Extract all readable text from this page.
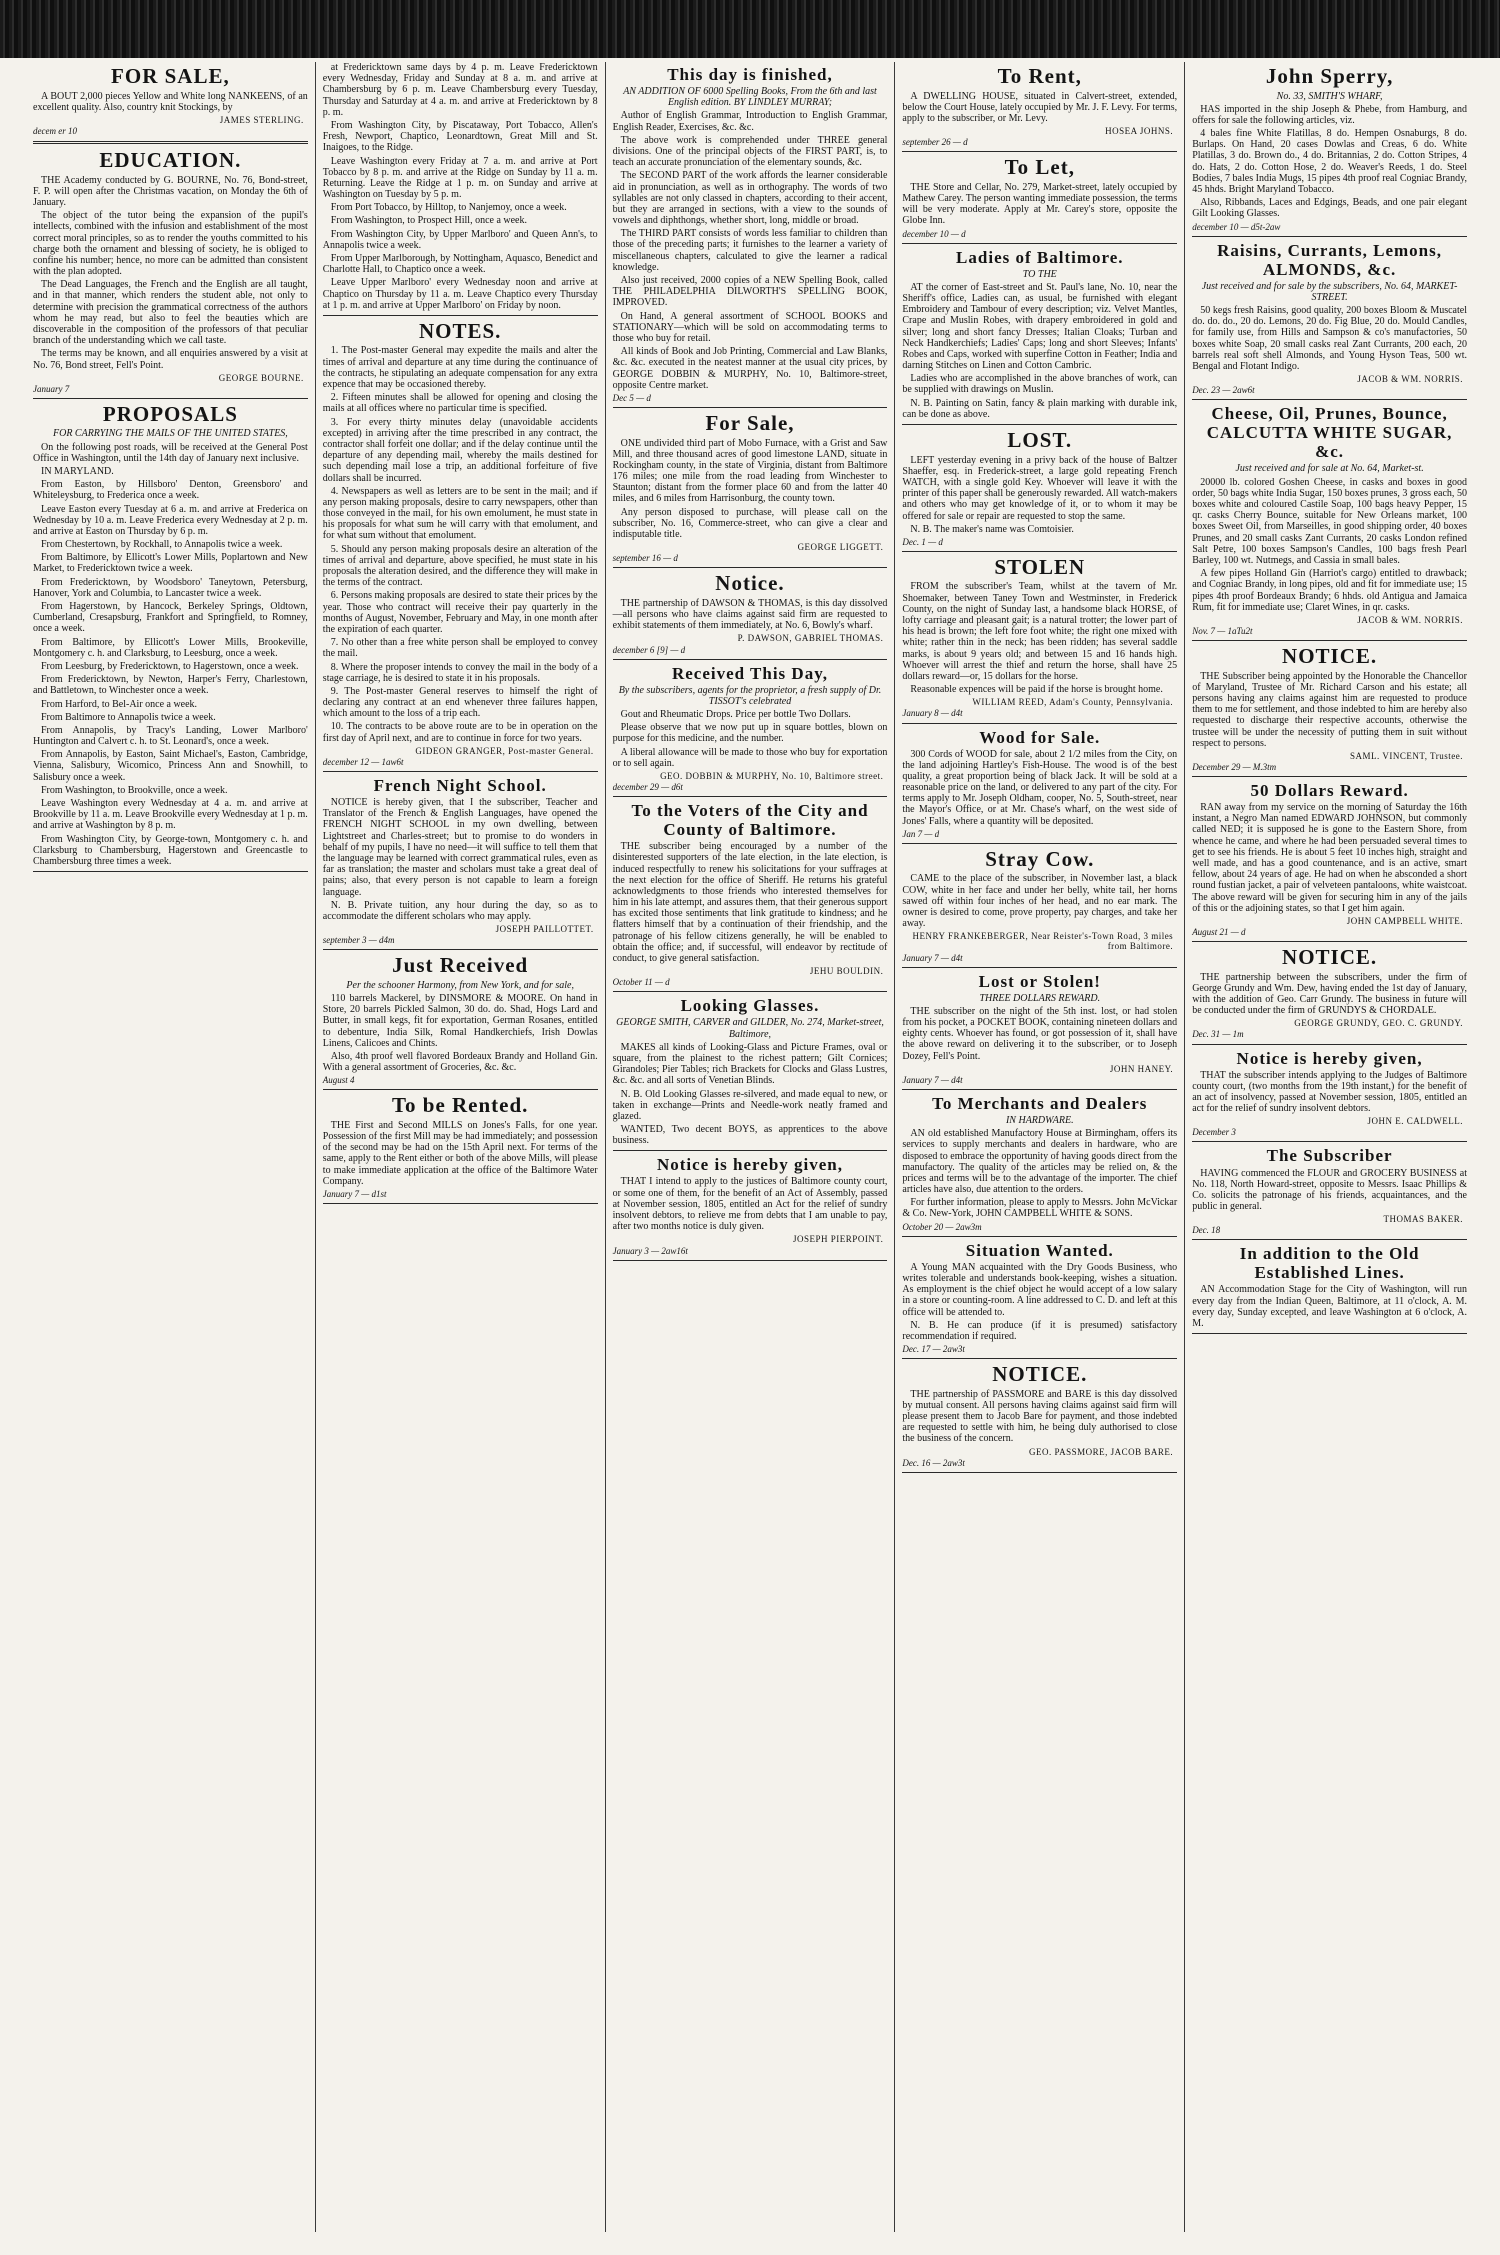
FOR SALE,

A BOUT 2,000 pieces Yellow and White long NANKEENS, of an excellent quality. Also, country knit Stockings, by

JAMES STERLING.
decem er 10
EDUCATION.

THE Academy conducted by G. BOURNE, No. 76, Bond-street, F. P. will open after the Christmas vacation, on Monday the 6th of January.

The object of the tutor being the expansion of the pupil's intellects, combined with the infusion and establishment of the most correct moral principles, so as to render the youths committed to his charge both the ornament and blessing of society, he is obliged to confine his number; hence, no more can be admitted than consistent with the plan adopted.

The Dead Languages, the French and the English are all taught, and in that manner, which renders the student able, not only to determine with precision the grammatical correctness of the authors whom he may read, but also to feel the beauties which are discoverable in the composition of the professors of that peculiar branch of the understanding which we call taste.

The terms may be known, and all enquiries answered by a visit at No. 76, Bond street, Fell's Point.

GEORGE BOURNE.
January 7
PROPOSALS
FOR CARRYING THE MAILS OF THE UNITED STATES,

On the following post roads, will be received at the General Post Office in Washington, until the 14th day of January next inclusive.

IN MARYLAND.

From Easton, by Hillsboro' Denton, Greensboro' and Whiteleysburg, to Frederica once a week.

Leave Easton every Tuesday at 6 a. m. and arrive at Frederica on Wednesday by 10 a. m. Leave Frederica every Wednesday at 2 p. m. and arrive at Easton on Thursday by 6 p. m.

From Chestertown, by Rockhall, to Annapolis twice a week.

From Baltimore, by Ellicott's Lower Mills, Poplartown and New Market, to Fredericktown twice a week.

From Fredericktown, by Woodsboro' Taneytown, Petersburg, Hanover, York and Columbia, to Lancaster twice a week.

From Hagerstown, by Hancock, Berkeley Springs, Oldtown, Cumberland, Cresapsburg, Frankfort and Springfield, to Romney, once a week.

From Baltimore, by Ellicott's Lower Mills, Brookeville, Montgomery c. h. and Clarksburg, to Leesburg, once a week.

From Leesburg, by Fredericktown, to Hagerstown, once a week.

From Fredericktown, by Newton, Harper's Ferry, Charlestown, and Battletown, to Winchester once a week.

From Harford, to Bel-Air once a week.

From Baltimore to Annapolis twice a week.

From Annapolis, by Tracy's Landing, Lower Marlboro' Huntington and Calvert c. h. to St. Leonard's, once a week.

From Annapolis, by Easton, Saint Michael's, Easton, Cambridge, Vienna, Salisbury, Wicomico, Princess Ann and Snowhill, to Salisbury once a week.

From Washington, to Brookville, once a week.

Leave Washington every Wednesday at 4 a. m. and arrive at Brookville by 11 a. m. Leave Brookville every Wednesday at 1 p. m. and arrive at Washington by 8 p. m.

From Washington City, by George-town, Montgomery c. h. and Clarksburg to Chambersburg, Hagerstown and Greencastle to Chambersburg three times a week.

at Fredericktown same days by 4 p. m. Leave Fredericktown every Wednesday, Friday and Sunday at 8 a. m. and arrive at Chambersburg by 6 p. m. Leave Chambersburg every Tuesday, Thursday and Saturday at 4 a. m. and arrive at Fredericktown by 8 p. m.

From Washington City, by Piscataway, Port Tobacco, Allen's Fresh, Newport, Chaptico, Leonardtown, Great Mill and St. Inaigoes, to the Ridge.

Leave Washington every Friday at 7 a. m. and arrive at Port Tobacco by 8 p. m. and arrive at the Ridge on Sunday by 11 a. m. Returning. Leave the Ridge at 1 p. m. on Sunday and arrive at Washington on Tuesday by 5 p. m.

From Port Tobacco, by Hilltop, to Nanjemoy, once a week.

From Washington, to Prospect Hill, once a week.

From Washington City, by Upper Marlboro' and Queen Ann's, to Annapolis twice a week.

From Upper Marlborough, by Nottingham, Aquasco, Benedict and Charlotte Hall, to Chaptico once a week.

Leave Upper Marlboro' every Wednesday noon and arrive at Chaptico on Thursday by 11 a. m. Leave Chaptico every Thursday at 1 p. m. and arrive at Upper Marlboro' on Friday by noon.

NOTES.

1. The Post-master General may expedite the mails and alter the times of arrival and departure at any time during the continuance of the contracts, he stipulating an adequate compensation for any extra expence that may be occasioned thereby.

2. Fifteen minutes shall be allowed for opening and closing the mails at all offices where no particular time is specified.

3. For every thirty minutes delay (unavoidable accidents excepted) in arriving after the time prescribed in any contract, the contractor shall forfeit one dollar; and if the delay continue until the departure of any depending mail, whereby the mails destined for such depending mail lose a trip, an additional forfeiture of five dollars shall be incurred.

4. Newspapers as well as letters are to be sent in the mail; and if any person making proposals, desire to carry newspapers, other than those conveyed in the mail, for his own emolument, he must state in his proposals for what sum he will carry with that emolument, and for what sum without that emolument.

5. Should any person making proposals desire an alteration of the times of arrival and departure, above specified, he must state in his proposals the alteration desired, and the difference they will make in the terms of the contract.

6. Persons making proposals are desired to state their prices by the year. Those who contract will receive their pay quarterly in the months of August, November, February and May, in one month after the expiration of each quarter.

7. No other than a free white person shall be employed to convey the mail.

8. Where the proposer intends to convey the mail in the body of a stage carriage, he is desired to state it in his proposals.

9. The Post-master General reserves to himself the right of declaring any contract at an end whenever three failures happen, which amount to the loss of a trip each.

10. The contracts to be above route are to be in operation on the first day of April next, and are to continue in force for two years.

GIDEON GRANGER, Post-master General.
december 12 — 1aw6t
French Night School.

NOTICE is hereby given, that I the subscriber, Teacher and Translator of the French & English Languages, have opened the FRENCH NIGHT SCHOOL in my own dwelling, between Lightstreet and Charles-street; but to promise to do wonders in behalf of my pupils, I have no need—it will suffice to tell them that the language may be learned with correct grammatical rules, even as far as translation; the master and scholars must take a great deal of pains; also, that every person is not capable to learn a foreign language.

N. B. Private tuition, any hour during the day, so as to accommodate the different scholars who may apply.

JOSEPH PAILLOTTET.
september 3 — d4m
Just Received
Per the schooner Harmony, from New York, and for sale,

110 barrels Mackerel, by DINSMORE & MOORE. On hand in Store, 20 barrels Pickled Salmon, 30 do. do. Shad, Hogs Lard and Butter, in small kegs, fit for exportation, German Rosanes, entitled to debenture, India Silk, Romal Handkerchiefs, Irish Dowlas Linens, Calicoes and Chints.

Also, 4th proof well flavored Bordeaux Brandy and Holland Gin. With a general assortment of Groceries, &c. &c.

August 4
To be Rented.

THE First and Second MILLS on Jones's Falls, for one year. Possession of the first Mill may be had immediately; and possession of the second may be had on the 15th April next. For terms of the same, apply to the Rent either or both of the above Mills, will please to make immediate application at the office of the Baltimore Water Company.

January 7 — d1st
This day is finished,
AN ADDITION OF 6000 Spelling Books, From the 6th and last English edition. BY LINDLEY MURRAY;

Author of English Grammar, Introduction to English Grammar, English Reader, Exercises, &c. &c.

The above work is comprehended under THREE general divisions. One of the principal objects of the FIRST PART, is, to teach an accurate pronunciation of the elementary sounds, &c.

The SECOND PART of the work affords the learner considerable aid in pronunciation, as well as in orthography. The words of two syllables are not only classed in chapters, according to their accent, but they are arranged in sections, with a view to the sounds of vowels and diphthongs, whether short, long, middle or broad.

The THIRD PART consists of words less familiar to children than those of the preceding parts; it furnishes to the learner a variety of miscellaneous chapters, calculated to give the learner a radical knowledge.

Also just received, 2000 copies of a NEW Spelling Book, called THE PHILADELPHIA DILWORTH'S SPELLING BOOK, IMPROVED.

On Hand, A general assortment of SCHOOL BOOKS and STATIONARY—which will be sold on accommodating terms to those who buy for retail.

All kinds of Book and Job Printing, Commercial and Law Blanks, &c. &c. executed in the neatest manner at the usual city prices, by GEORGE DOBBIN & MURPHY, No. 10, Baltimore-street, opposite Centre market.

Dec 5 — d
For Sale,

ONE undivided third part of Mobo Furnace, with a Grist and Saw Mill, and three thousand acres of good limestone LAND, situate in Rockingham county, in the state of Virginia, distant from Baltimore 176 miles; one mile from the road leading from Winchester to Staunton; distant from the former place 60 and from the latter 40 miles, and 6 miles from Harrisonburg, the county town.

Any person disposed to purchase, will please call on the subscriber, No. 16, Commerce-street, who can give a clear and indisputable title.

GEORGE LIGGETT.
september 16 — d
Notice.

THE partnership of DAWSON & THOMAS, is this day dissolved—all persons who have claims against said firm are requested to exhibit statements of them immediately, at No. 6, Bowly's wharf.

P. DAWSON, GABRIEL THOMAS.
december 6 [9] — d
Received This Day,
By the subscribers, agents for the proprietor, a fresh supply of Dr. TISSOT's celebrated

Gout and Rheumatic Drops. Price per bottle Two Dollars.

Please observe that we now put up in square bottles, blown on purpose for this medicine, and the number.

A liberal allowance will be made to those who buy for exportation or to sell again.

GEO. DOBBIN & MURPHY, No. 10, Baltimore street.
december 29 — d6t
To the Voters of the City and County of Baltimore.

THE subscriber being encouraged by a number of the disinterested supporters of the late election, in the late election, is induced respectfully to renew his solicitations for your suffrages at the next election for the office of Sheriff. He returns his grateful acknowledgments to those friends who interested themselves for him in his late attempt, and assures them, that their generous support has excited those sentiments that link gratitude to kindness; and he flatters himself that by a continuation of their friendship, and the patronage of his fellow citizens generally, he will be enabled to obtain the office; and, if successful, will endeavor by rectitude of conduct, to give general satisfaction.

JEHU BOULDIN.
October 11 — d
Looking Glasses.
GEORGE SMITH, CARVER and GILDER, No. 274, Market-street, Baltimore,

MAKES all kinds of Looking-Glass and Picture Frames, oval or square, from the plainest to the richest pattern; Gilt Cornices; Girandoles; Pier Tables; rich Brackets for Clocks and Glass Lustres, &c. &c. and all sorts of Venetian Blinds.

N. B. Old Looking Glasses re-silvered, and made equal to new, or taken in exchange—Prints and Needle-work neatly framed and glazed.

WANTED, Two decent BOYS, as apprentices to the above business.

Notice is hereby given,

THAT I intend to apply to the justices of Baltimore county court, or some one of them, for the benefit of an Act of Assembly, passed at November session, 1805, entitled an Act for the relief of sundry insolvent debtors, to relieve me from debts that I am unable to pay, after two months notice is duly given.

JOSEPH PIERPOINT.
January 3 — 2aw16t
To Rent,

A DWELLING HOUSE, situated in Calvert-street, extended, below the Court House, lately occupied by Mr. J. F. Levy. For terms, apply to the subscriber, or Mr. Levy.

HOSEA JOHNS.
september 26 — d
To Let,

THE Store and Cellar, No. 279, Market-street, lately occupied by Mathew Carey. The person wanting immediate possession, the terms will be very moderate. Apply at Mr. Carey's store, opposite the Globe Inn.

december 10 — d
Ladies of Baltimore.
TO THE

AT the corner of East-street and St. Paul's lane, No. 10, near the Sheriff's office, Ladies can, as usual, be furnished with elegant Embroidery and Tambour of every description; viz. Velvet Mantles, Crape and Muslin Robes, with drapery embroidered in gold and silver; long and short fancy Dresses; Italian Cloaks; Turban and Neck Handkerchiefs; Ladies' Caps; long and short Sleeves; Infants' Robes and Caps, worked with superfine Cotton in Feather; India and darning Stitches on Linen and Cotton Cambric.

Ladies who are accomplished in the above branches of work, can be supplied with drawings on Muslin.

N. B. Painting on Satin, fancy & plain marking with durable ink, can be done as above.

LOST.

LEFT yesterday evening in a privy back of the house of Baltzer Shaeffer, esq. in Frederick-street, a large gold repeating French WATCH, with a single gold Key. Whoever will leave it with the printer of this paper shall be generously rewarded. All watch-makers and others who may get knowledge of it, or to whom it may be offered for sale or repair are requested to stop the same.

N. B. The maker's name was Comtoisier.

Dec. 1 — d
STOLEN

FROM the subscriber's Team, whilst at the tavern of Mr. Shoemaker, between Taney Town and Westminster, in Frederick County, on the night of Sunday last, a handsome black HORSE, of lofty carriage and pleasant gait; is a natural trotter; the lower part of his head is brown; the left fore foot white; the right one mixed with white; rather thin in the neck; has been ridden; has several saddle marks, is about 9 years old; and between 15 and 16 hands high. Whoever will arrest the thief and return the horse, shall have 25 dollars reward—or, 15 dollars for the horse.

Reasonable expences will be paid if the horse is brought home.

WILLIAM REED, Adam's County, Pennsylvania.
January 8 — d4t
Wood for Sale.

300 Cords of WOOD for sale, about 2 1/2 miles from the City, on the land adjoining Hartley's Fish-House. The wood is of the best quality, a great proportion being of black Jack. It will be sold at a reasonable price on the land, or delivered to any part of the city. For terms apply to Mr. Joseph Oldham, cooper, No. 5, South-street, near the Mayor's Office, or at Mr. Chase's wharf, on the west side of Jones' Falls, where a quantity will be deposited.

Jan 7 — d
Stray Cow.

CAME to the place of the subscriber, in November last, a black COW, white in her face and under her belly, white tail, her horns sawed off within four inches of her head, and no ear mark. The owner is desired to come, prove property, pay charges, and take her away.

HENRY FRANKEBERGER, Near Reister's-Town Road, 3 miles from Baltimore.
January 7 — d4t
Lost or Stolen!
THREE DOLLARS REWARD.

THE subscriber on the night of the 5th inst. lost, or had stolen from his pocket, a POCKET BOOK, containing nineteen dollars and eighty cents. Whoever has found, or got possession of it, shall have the above reward on delivering it to the subscriber, or to Joseph Dozey, Fell's Point.

JOHN HANEY.
January 7 — d4t
To Merchants and Dealers
IN HARDWARE.

AN old established Manufactory House at Birmingham, offers its services to supply merchants and dealers in hardware, who are disposed to embrace the opportunity of having goods direct from the manufactory. The quality of the articles may be relied on, & the prices and terms will be to the advantage of the importer. The chief articles have also, due attention to the orders.

For further information, please to apply to Messrs. John McVickar & Co. New-York, JOHN CAMPBELL WHITE & SONS.

October 20 — 2aw3m
Situation Wanted.

A Young MAN acquainted with the Dry Goods Business, who writes tolerable and understands book-keeping, wishes a situation. As employment is the chief object he would accept of a low salary in a store or counting-room. A line addressed to C. D. and left at this office will be attended to.

N. B. He can produce (if it is presumed) satisfactory recommendation if required.

Dec. 17 — 2aw3t
NOTICE.

THE partnership of PASSMORE and BARE is this day dissolved by mutual consent. All persons having claims against said firm will please present them to Jacob Bare for payment, and those indebted are requested to settle with him, he being duly authorised to close the business of the concern.

GEO. PASSMORE, JACOB BARE.
Dec. 16 — 2aw3t
John Sperry,
No. 33, SMITH'S WHARF,

HAS imported in the ship Joseph & Phebe, from Hamburg, and offers for sale the following articles, viz.

4 bales fine White Flatillas, 8 do. Hempen Osnaburgs, 8 do. Burlaps. On Hand, 20 cases Dowlas and Creas, 6 do. White Platillas, 3 do. Brown do., 4 do. Britannias, 2 do. Cotton Stripes, 4 do. Hats, 2 do. Cotton Hose, 2 do. Weaver's Reeds, 1 do. Steel Bodies, 7 bales India Mugs, 15 pipes 4th proof real Cogniac Brandy, 45 hhds. Bright Maryland Tobacco.

Also, Ribbands, Laces and Edgings, Beads, and one pair elegant Gilt Looking Glasses.

december 10 — d5t-2aw
Raisins, Currants, Lemons, ALMONDS, &c.
Just received and for sale by the subscribers, No. 64, MARKET-STREET.

50 kegs fresh Raisins, good quality, 200 boxes Bloom & Muscatel do. do. do., 20 do. Lemons, 20 do. Fig Blue, 20 do. Mould Candles, for family use, from Hills and Sampson & co's manufactories, 50 boxes white Soap, 20 small casks real Zant Currants, 200 each, 20 barrels real soft shell Almonds, and Young Hyson Teas, 500 wt. Bengal and Flotant Indigo.

JACOB & WM. NORRIS.
Dec. 23 — 2aw6t
Cheese, Oil, Prunes, Bounce, CALCUTTA WHITE SUGAR, &c.
Just received and for sale at No. 64, Market-st.

20000 lb. colored Goshen Cheese, in casks and boxes in good order, 50 bags white India Sugar, 150 boxes prunes, 3 gross each, 50 boxes white and coloured Castile Soap, 100 bags heavy Pepper, 15 qr. casks Cherry Bounce, suitable for New Orleans market, 100 boxes Sweet Oil, from Marseilles, in good shipping order, 40 boxes Prunes, and 20 small casks Zant Currants, 20 casks London refined Salt Petre, 100 boxes Sampson's Candles, 100 bags fresh Pearl Barley, 100 wt. Nutmegs, and Cassia in small bales.

A few pipes Holland Gin (Harriot's cargo) entitled to drawback; and Cogniac Brandy, in long pipes, old and fit for immediate use; 15 pipes 4th proof Bordeaux Brandy; 6 hhds. old Antigua and Jamaica Rum, fit for immediate use; Claret Wines, in qr. casks.

JACOB & WM. NORRIS.
Nov. 7 — 1aTu2t
NOTICE.

THE Subscriber being appointed by the Honorable the Chancellor of Maryland, Trustee of Mr. Richard Carson and his estate; all persons having any claims against him are requested to produce them to me for settlement, and those indebted to him are hereby also requested to discharge their respective accounts, otherwise the trustee will be under the necessity of putting them in suit without respect to persons.

SAML. VINCENT, Trustee.
December 29 — M.3tm
50 Dollars Reward.

RAN away from my service on the morning of Saturday the 16th instant, a Negro Man named EDWARD JOHNSON, but commonly called NED; it is supposed he is gone to the Eastern Shore, from whence he came, and where he had been persuaded several times to get to see his friends. He is about 5 feet 10 inches high, straight and well made, and has a good countenance, and is an active, smart fellow, about 24 years of age. He had on when he absconded a short round fustian jacket, a pair of velveteen pantaloons, white waistcoat. The above reward will be given for securing him in any of the jails of this or the adjoining states, so that I get him again.

JOHN CAMPBELL WHITE.
August 21 — d
NOTICE.

THE partnership between the subscribers, under the firm of George Grundy and Wm. Dew, having ended the 1st day of January, with the addition of Geo. Carr Grundy. The business in future will be conducted under the firm of GRUNDYS & CHORDALE.

GEORGE GRUNDY, GEO. C. GRUNDY.
Dec. 31 — 1m
Notice is hereby given,

THAT the subscriber intends applying to the Judges of Baltimore county court, (two months from the 19th instant,) for the benefit of an act of insolvency, passed at November session, 1805, entitled an act for the relief of sundry insolvent debtors.

JOHN E. CALDWELL.
December 3
The Subscriber

HAVING commenced the FLOUR and GROCERY BUSINESS at No. 118, North Howard-street, opposite to Messrs. Isaac Phillips & Co. solicits the patronage of his friends, acquaintances, and the public in general.

THOMAS BAKER.
Dec. 18
In addition to the Old Established Lines.

AN Accommodation Stage for the City of Washington, will run every day from the Indian Queen, Baltimore, at 11 o'clock, A. M. every day, Sunday excepted, and leave Washington at 6 o'clock, A. M.
